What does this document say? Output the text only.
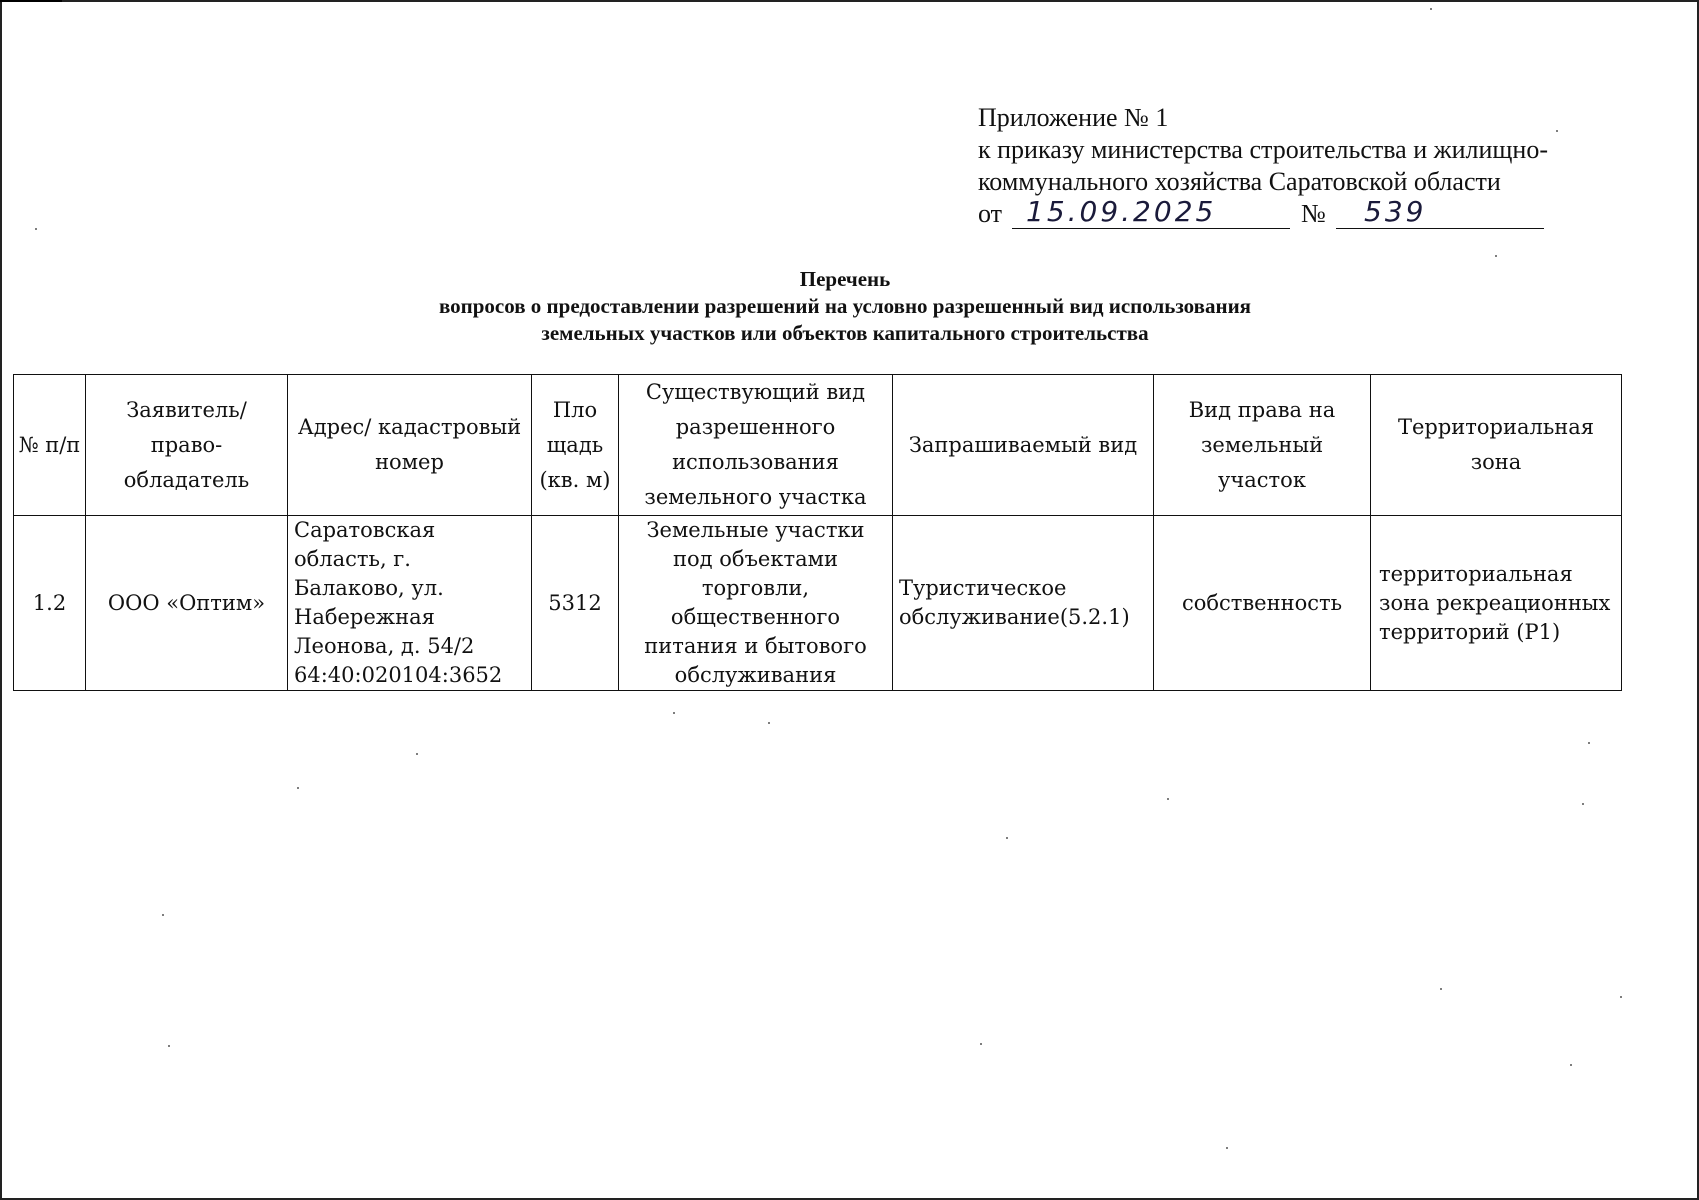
Приложение № 1
к приказу министерства строительства и жилищно-
коммунального хозяйства Саратовской области
от 15.09.2025	№	539
Перечень
вопросов о предоставлении разрешений на условно разрешенный вид использования
земельных участков или объектов капитального строительства
№ п/п	Заявитель/ право- обладатель	Адрес/ кадастровый номер	Пло щадь (кв. м)	Существующий вид разрешенного использования земельного участка	Запрашиваемый вид	Вид права на земельный участок	Территориальная зона
1.2	ООО «Оптим»	Саратовская область, г. Балаково, ул. Набережная Леонова, д. 54/2 64:40:020104:3652	5312	Земельные участки под объектами торговли, общественного питания и бытового обслуживания	Туристическое обслуживание(5.2.1)	собственность	территориальная зона рекреационных территорий (Р1)
